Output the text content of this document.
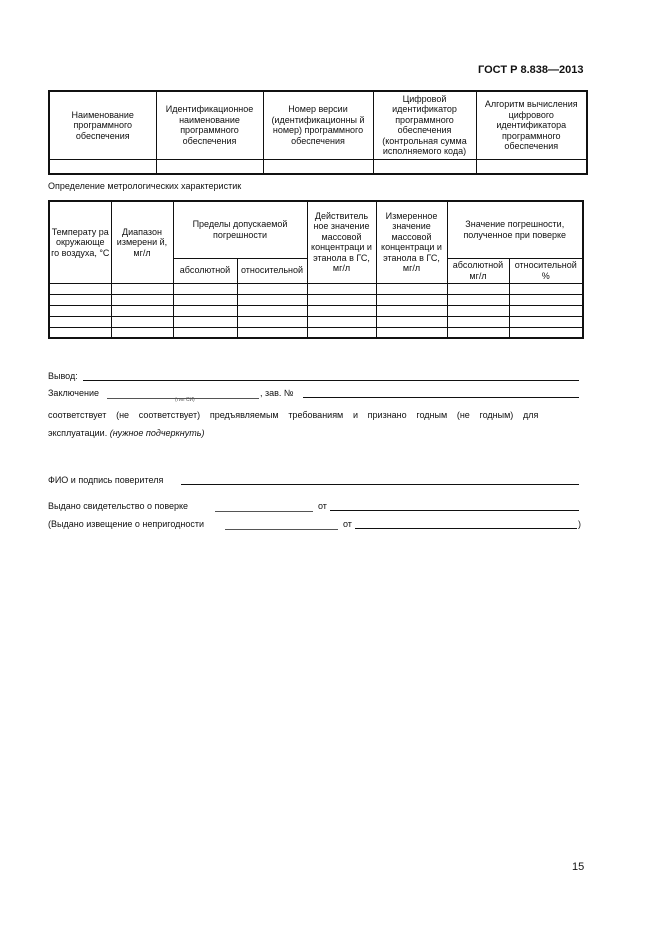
ГОСТ Р 8.838—2013
Наименование программного обеспечения	Идентификационное наименование программного обеспечения	Номер версии (идентификационны й номер) программного обеспечения	Цифровой идентификатор программного обеспечения (контрольная сумма исполняемого кода)	Алгоритм вычисления цифрового идентификатора программного обеспечения

Определение метрологических характеристик
Температу ра окружающе го воздуха, °С	Диапазон измерени й, мг/л	Пределы допускаемой погрешности		Действитель ное значение массовой концентраци и этанола в ГС, мг/л	Измеренное значение массовой концентраци и этанола в ГС, мг/л	Значение погрешности, полученное при поверке	
		абсолютной	относительной			абсолютной мг/л	относительной %

Вывод:
Заключение
(тип СИ)
, зав. №
соответствует (не соответствует) предъявляемым требованиям и признано годным (не годным) для
эксплуатации. (нужное подчеркнуть)
ФИО и подпись поверителя
Выдано свидетельство о поверке	от
(Выдано извещение о непригодности	от	)
15
